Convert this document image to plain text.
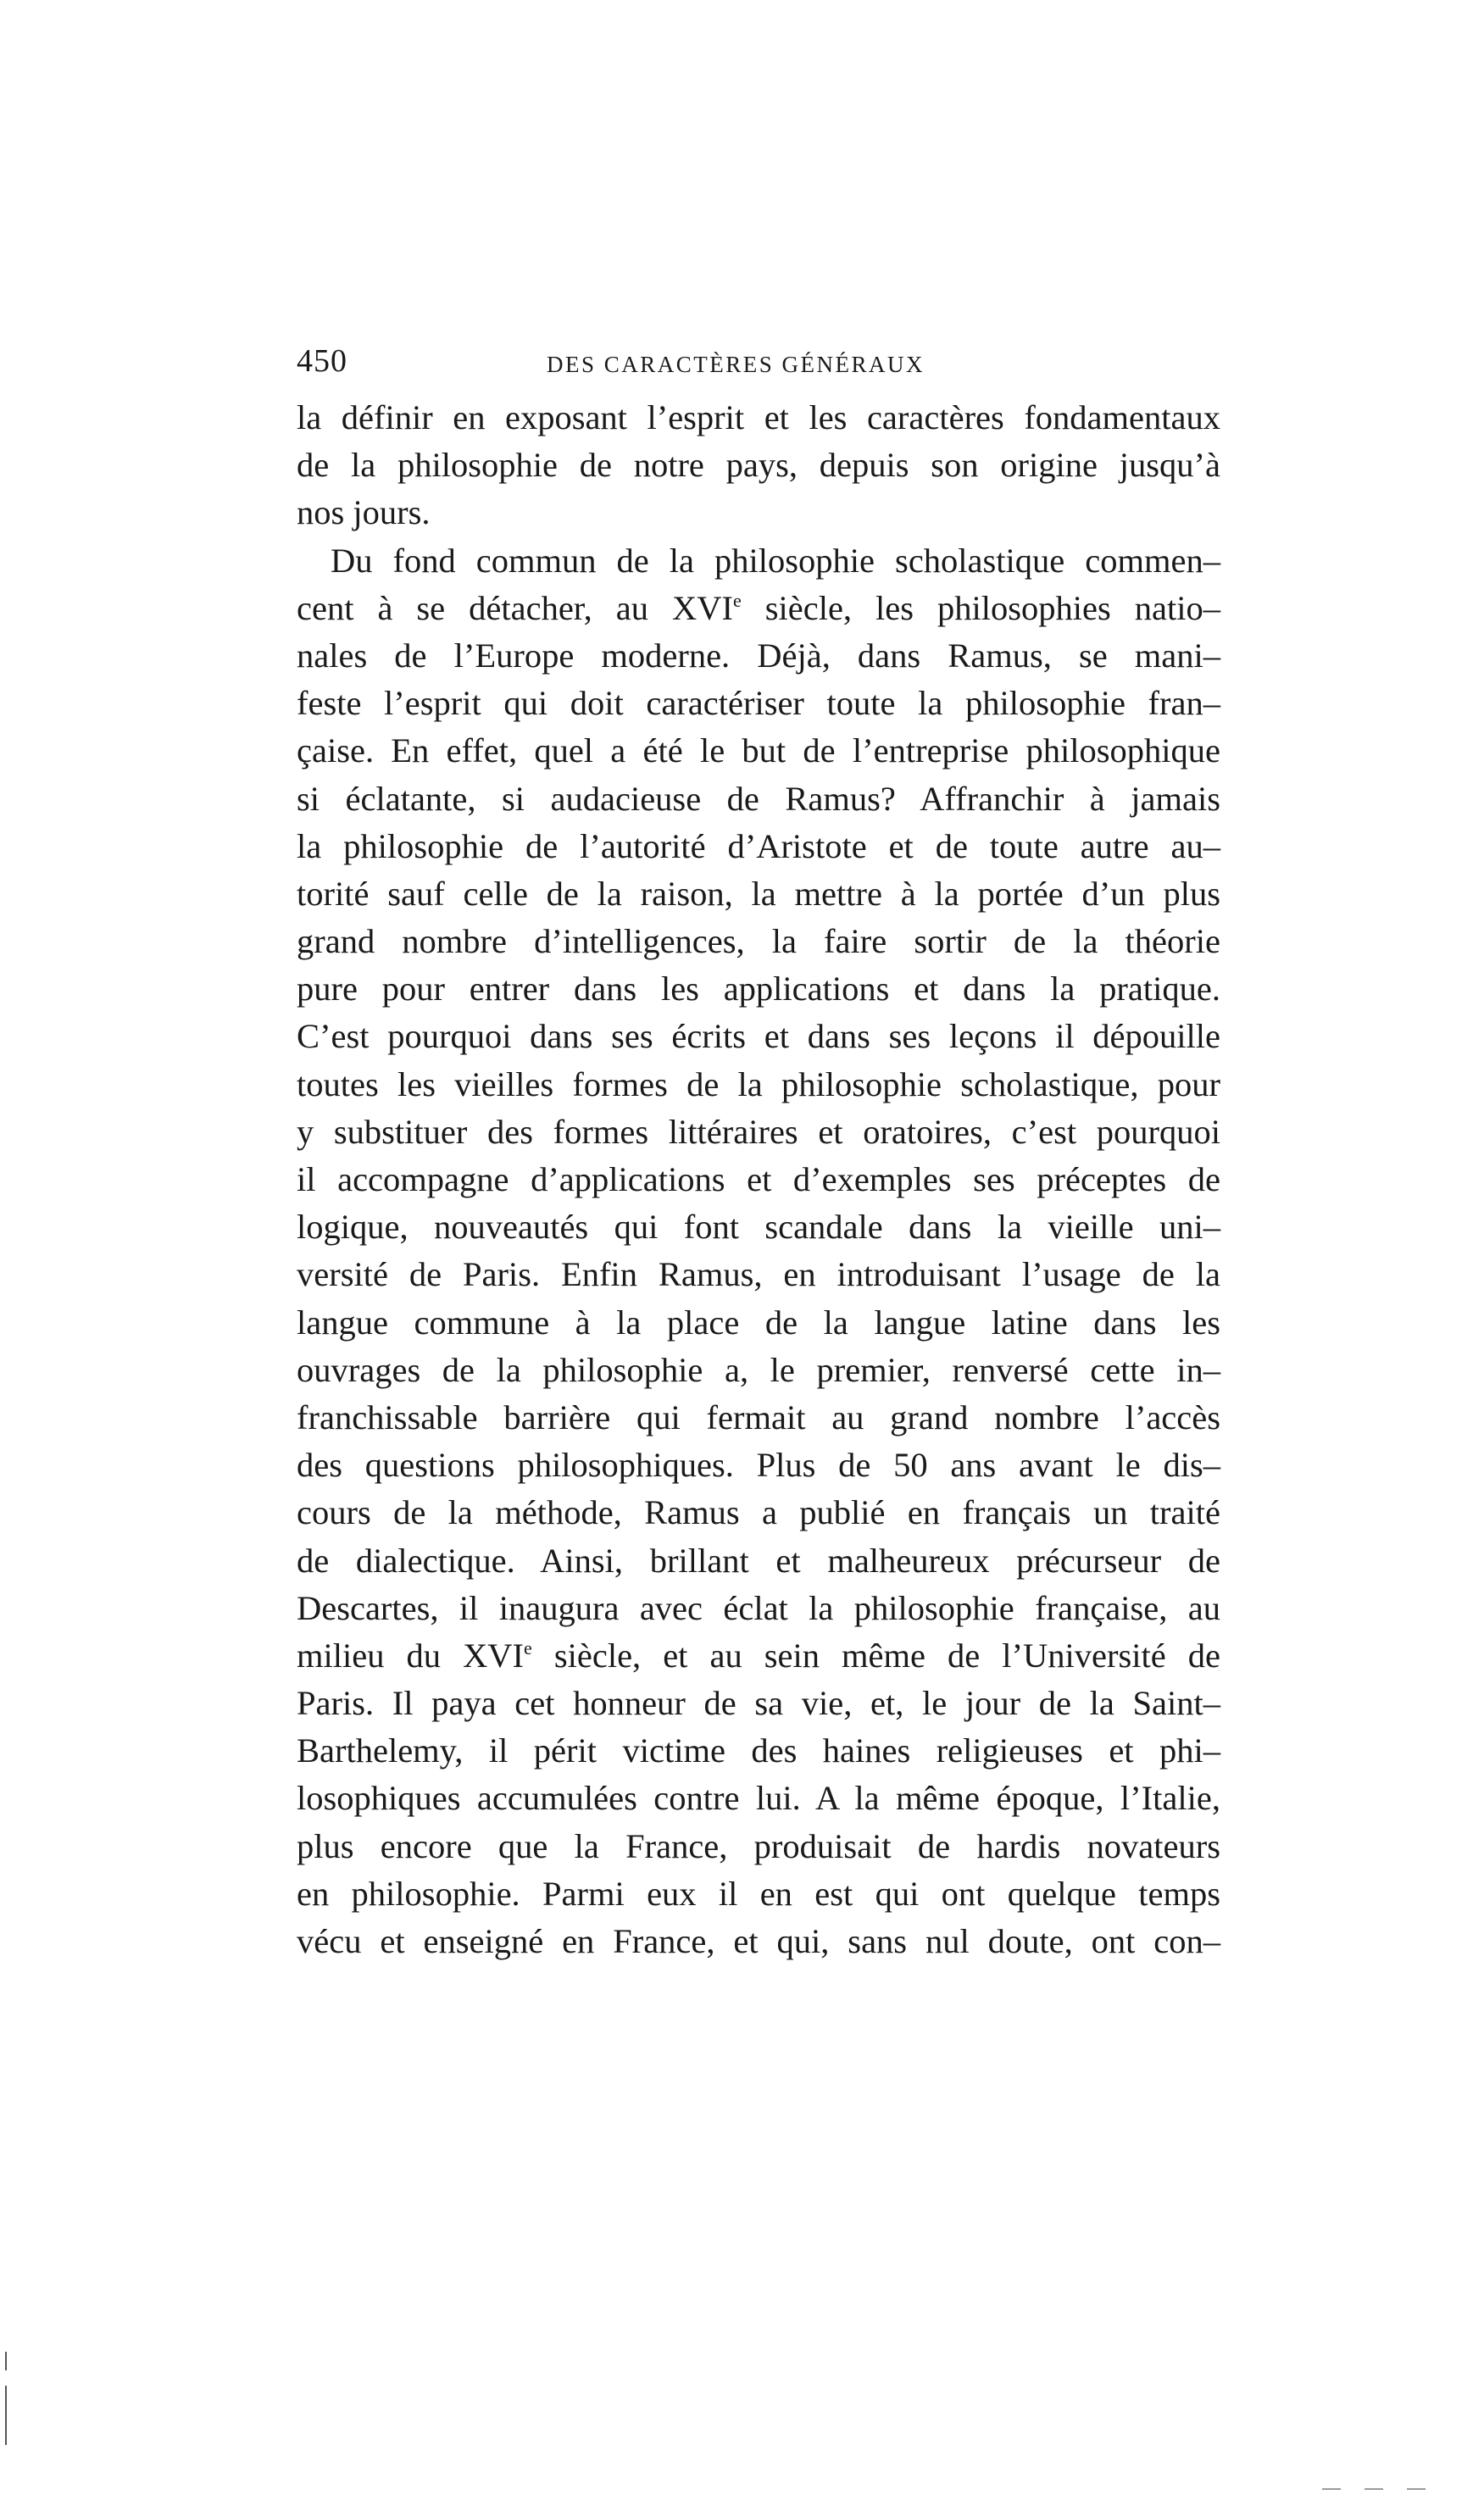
450	DES CARACTÈRES GÉNÉRAUX
la définir en exposant l’esprit et les caractères fondamentaux
de la philosophie de notre pays, depuis son origine jusqu’à
nos jours.
Du fond commun de la philosophie scholastique commen–
cent à se détacher, au XVIe siècle, les philosophies natio–
nales de l’Europe moderne. Déjà, dans Ramus, se mani–
feste l’esprit qui doit caractériser toute la philosophie fran–
çaise. En effet, quel a été le but de l’entreprise philosophique
si éclatante, si audacieuse de Ramus? Affranchir à jamais
la philosophie de l’autorité d’Aristote et de toute autre au–
torité sauf celle de la raison, la mettre à la portée d’un plus
grand nombre d’intelligences, la faire sortir de la théorie
pure pour entrer dans les applications et dans la pratique.
C’est pourquoi dans ses écrits et dans ses leçons il dépouille
toutes les vieilles formes de la philosophie scholastique, pour
y substituer des formes littéraires et oratoires, c’est pourquoi
il accompagne d’applications et d’exemples ses préceptes de
logique, nouveautés qui font scandale dans la vieille uni–
versité de Paris. Enfin Ramus, en introduisant l’usage de la
langue commune à la place de la langue latine dans les
ouvrages de la philosophie a, le premier, renversé cette in–
franchissable barrière qui fermait au grand nombre l’accès
des questions philosophiques. Plus de 50 ans avant le dis–
cours de la méthode, Ramus a publié en français un traité
de dialectique. Ainsi, brillant et malheureux précurseur de
Descartes, il inaugura avec éclat la philosophie française, au
milieu du XVIe siècle, et au sein même de l’Université de
Paris. Il paya cet honneur de sa vie, et, le jour de la Saint–
Barthelemy, il périt victime des haines religieuses et phi–
losophiques accumulées contre lui. A la même époque, l’Italie,
plus encore que la France, produisait de hardis novateurs
en philosophie. Parmi eux il en est qui ont quelque temps
vécu et enseigné en France, et qui, sans nul doute, ont con–
